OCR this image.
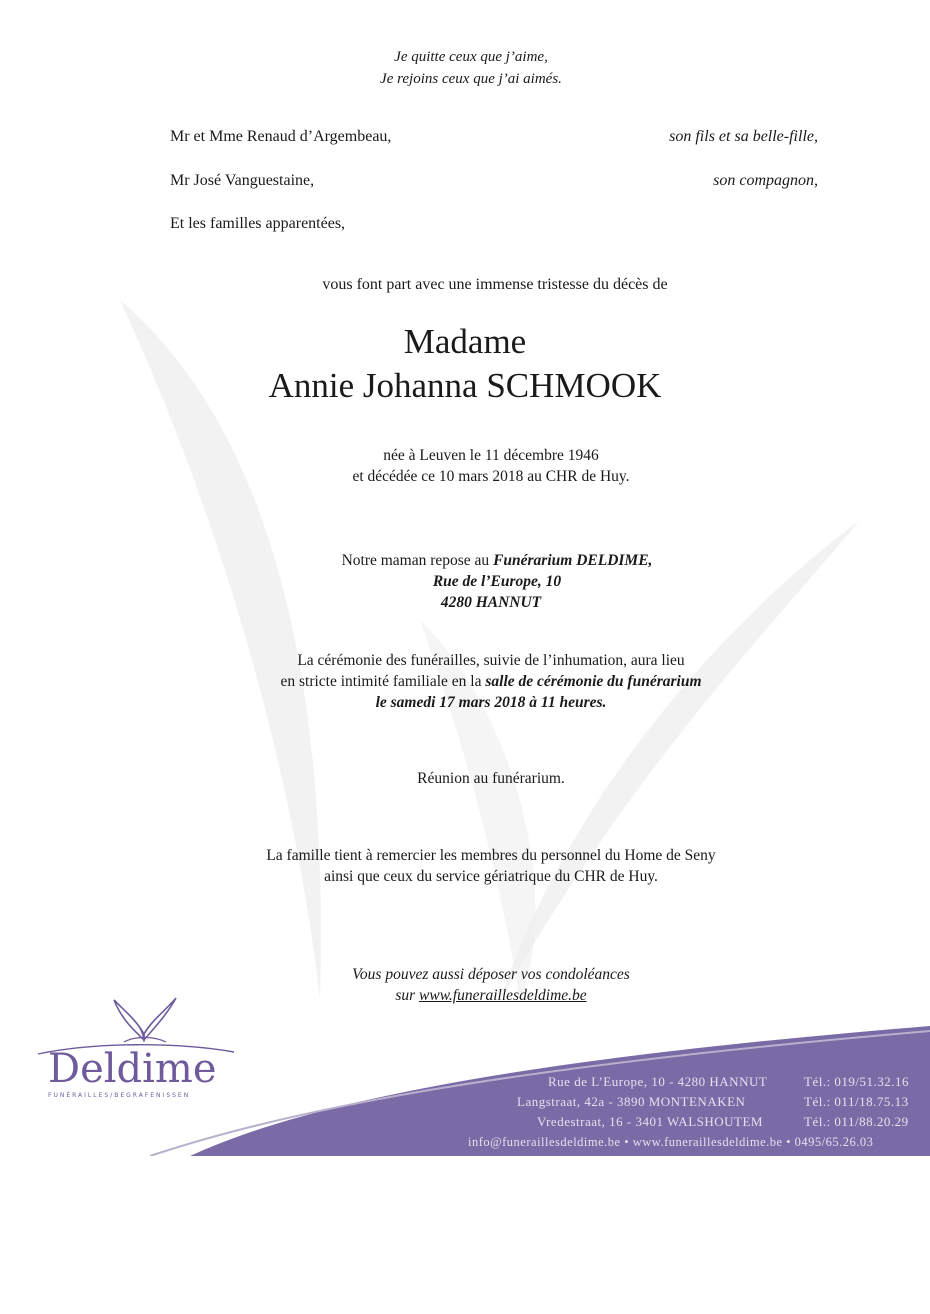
Je quitte ceux que j’aime,
Je rejoins ceux que j’ai aimés.
Mr et Mme Renaud d’Argembeau,	son fils et sa belle-fille,
Mr José Vanguestaine,	son compagnon,
Et les familles apparentées,
vous font part avec une immense tristesse du décès de
Madame
Annie Johanna SCHMOOK
née à Leuven le 11 décembre 1946
et décédée ce 10 mars 2018 au CHR de Huy.
Notre maman repose au Funérarium DELDIME,
Rue de l’Europe, 10
4280 HANNUT
La cérémonie des funérailles, suivie de l’inhumation, aura lieu
en stricte intimité familiale en la salle de cérémonie du funérarium
le samedi 17 mars 2018 à 11 heures.
Réunion au funérarium.
La famille tient à remercier les membres du personnel du Home de Seny
ainsi que ceux du service gériatrique du CHR de Huy.
Vous pouvez aussi déposer vos condoléances
sur www.funeraillesdeldime.be
Deldime
FUNÉRAILLES/BEGRAFENISSEN
Rue de L’Europe, 10 - 4280 HANNUT	Tél.: 019/51.32.16
Langstraat, 42a - 3890 MONTENAKEN	Tél.: 011/18.75.13
Vredestraat, 16 - 3401 WALSHOUTEM	Tél.: 011/88.20.29
info@funeraillesdeldime.be • www.funeraillesdeldime.be • 0495/65.26.03
